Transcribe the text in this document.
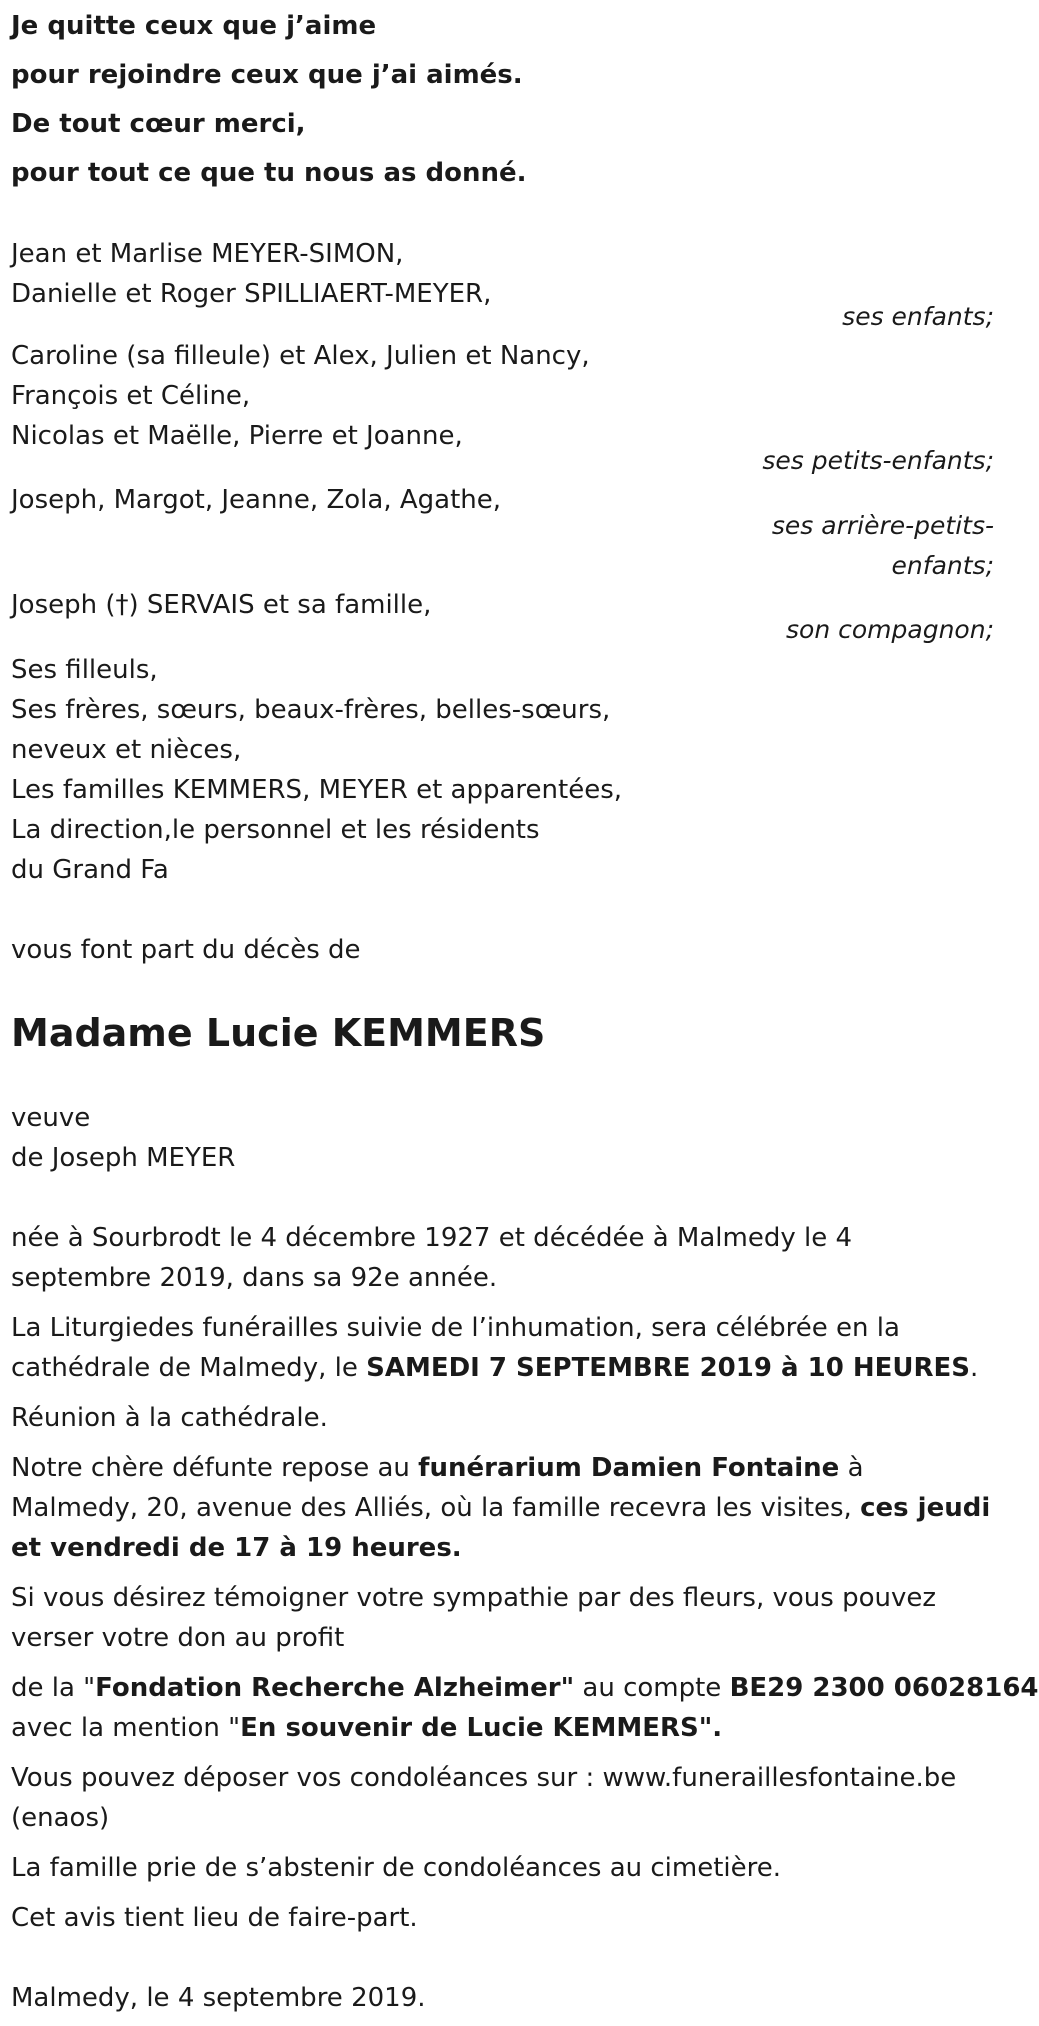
Je quitte ceux que j’aime
pour rejoindre ceux que j’ai aimés.
De tout cœur merci,
pour tout ce que tu nous as donné.
Jean et Marlise MEYER-SIMON,
Danielle et Roger SPILLIAERT-MEYER,
ses enfants;
Caroline (sa filleule) et Alex, Julien et Nancy,
François et Céline,
Nicolas et Maëlle, Pierre et Joanne,
ses petits-enfants;
Joseph, Margot, Jeanne, Zola, Agathe,
ses arrière-petits-
enfants;
Joseph (†) SERVAIS et sa famille,
son compagnon;
Ses filleuls,
Ses frères, sœurs, beaux-frères, belles-sœurs,
neveux et nièces,
Les familles KEMMERS, MEYER et apparentées,
La direction,le personnel et les résidents
du Grand Fa
vous font part du décès de
Madame Lucie KEMMERS
veuve
de Joseph MEYER
née à Sourbrodt le 4 décembre 1927 et décédée à Malmedy le 4 septembre 2019, dans sa 92e année.
La Liturgiedes funérailles suivie de l’inhumation, sera célébrée en la cathédrale de Malmedy, le SAMEDI 7 SEPTEMBRE 2019 à 10 HEURES.
Réunion à la cathédrale.
Notre chère défunte repose au funérarium Damien Fontaine à Malmedy, 20, avenue des Alliés, où la famille recevra les visites, ces jeudi et vendredi de 17 à 19 heures.
Si vous désirez témoigner votre sympathie par des fleurs, vous pouvez verser votre don au profit
de la "Fondation Recherche Alzheimer" au compte BE29 2300 06028164
avec la mention "En souvenir de Lucie KEMMERS".
Vous pouvez déposer vos condoléances sur : www.funeraillesfontaine.be (enaos)
La famille prie de s’abstenir de condoléances au cimetière.
Cet avis tient lieu de faire-part.
Malmedy, le 4 septembre 2019.
